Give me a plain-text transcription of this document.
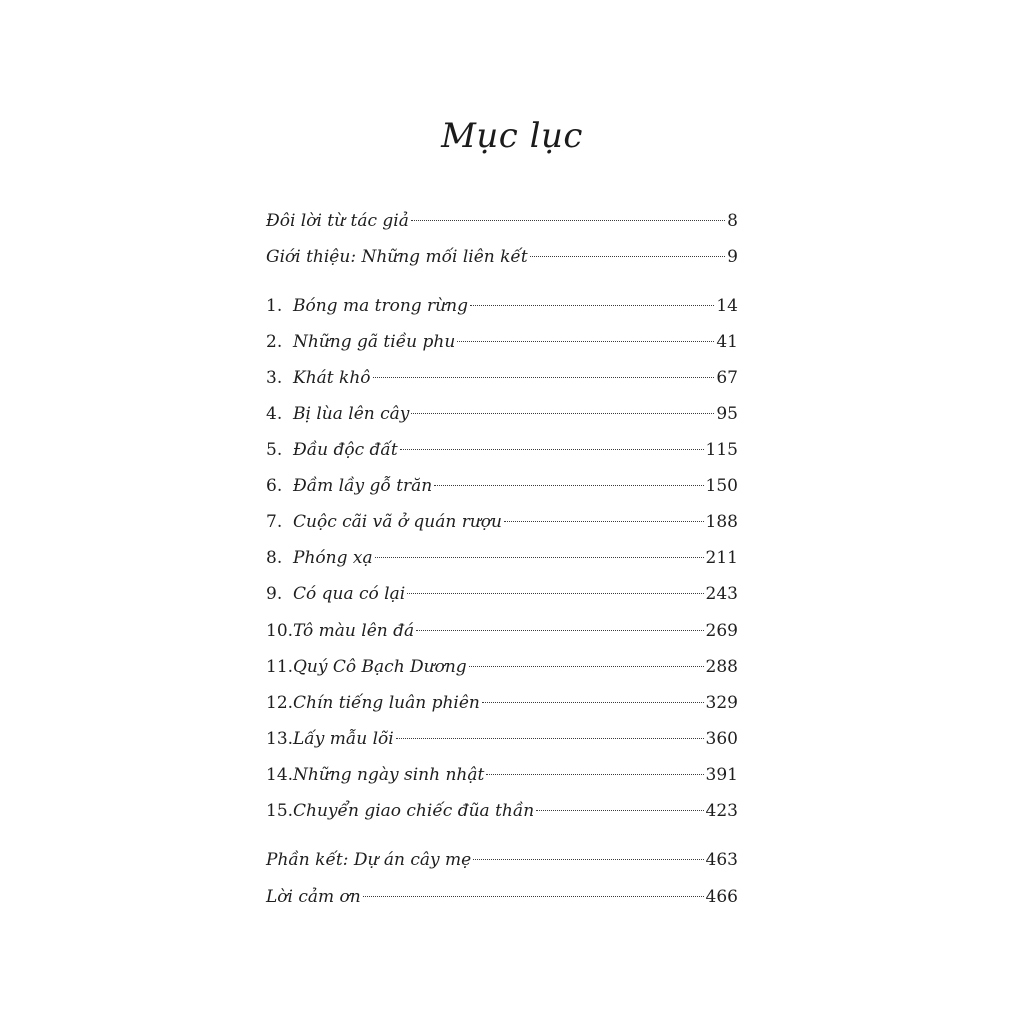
Mục lục
Đôi lời từ tác giả	8
Giới thiệu: Những mối liên kết	9
1. Bóng ma trong rừng	14
2. Những gã tiều phu	41
3. Khát khô	67
4. Bị lùa lên cây	95
5. Đầu độc đất	115
6. Đầm lầy gỗ trăn	150
7. Cuộc cãi vã ở quán rượu	188
8. Phóng xạ	211
9. Có qua có lại	243
10. Tô màu lên đá	269
11. Quý Cô Bạch Dương	288
12. Chín tiếng luân phiên	329
13. Lấy mẫu lõi	360
14. Những ngày sinh nhật	391
15. Chuyển giao chiếc đũa thần	423
Phần kết: Dự án cây mẹ	463
Lời cảm ơn	466
